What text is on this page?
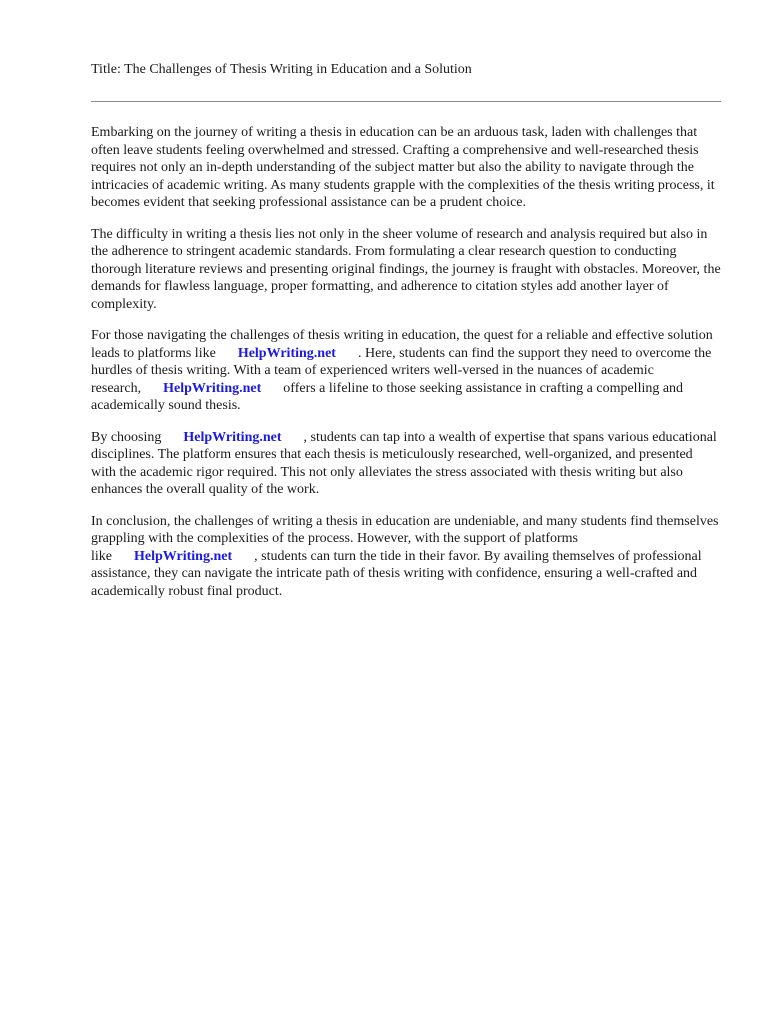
Title: The Challenges of Thesis Writing in Education and a Solution

Embarking on the journey of writing a thesis in education can be an arduous task, laden with challenges that often leave students feeling overwhelmed and stressed. Crafting a comprehensive and well-researched thesis requires not only an in-depth understanding of the subject matter but also the ability to navigate through the intricacies of academic writing. As many students grapple with the complexities of the thesis writing process, it becomes evident that seeking professional assistance can be a prudent choice.

The difficulty in writing a thesis lies not only in the sheer volume of research and analysis required but also in the adherence to stringent academic standards. From formulating a clear research question to conducting thorough literature reviews and presenting original findings, the journey is fraught with obstacles. Moreover, the demands for flawless language, proper formatting, and adherence to citation styles add another layer of complexity.

For those navigating the challenges of thesis writing in education, the quest for a reliable and effective solution leads to platforms like HelpWriting.net . Here, students can find the support they need to overcome the hurdles of thesis writing. With a team of experienced writers well-versed in the nuances of academic research, HelpWriting.net offers a lifeline to those seeking assistance in crafting a compelling and academically sound thesis.

By choosing HelpWriting.net , students can tap into a wealth of expertise that spans various educational disciplines. The platform ensures that each thesis is meticulously researched, well-organized, and presented with the academic rigor required. This not only alleviates the stress associated with thesis writing but also enhances the overall quality of the work.

In conclusion, the challenges of writing a thesis in education are undeniable, and many students find themselves grappling with the complexities of the process. However, with the support of platforms like HelpWriting.net , students can turn the tide in their favor. By availing themselves of professional assistance, they can navigate the intricate path of thesis writing with confidence, ensuring a well-crafted and academically robust final product.
